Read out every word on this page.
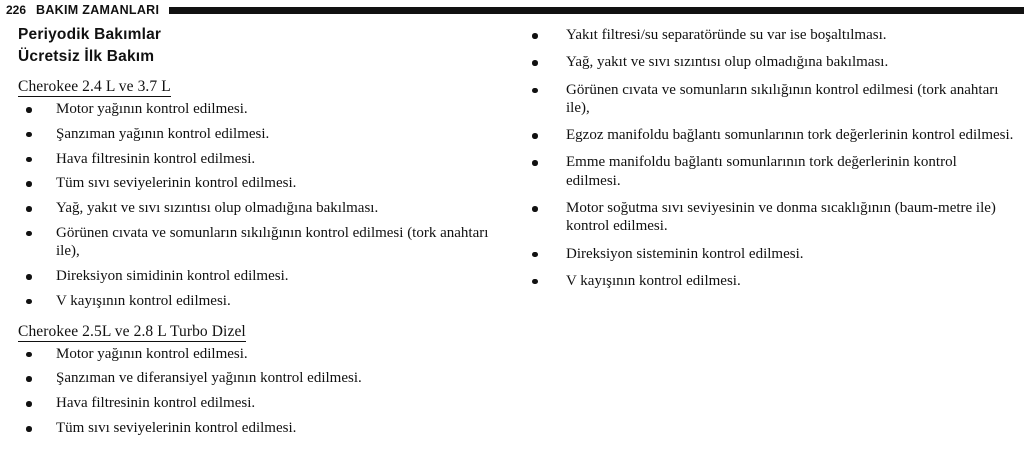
226 BAKIM ZAMANLARI
Periyodik Bakımlar
Ücretsiz İlk Bakım
Cherokee 2.4 L ve 3.7 L
Motor yağının kontrol edilmesi.
Şanzıman yağının kontrol edilmesi.
Hava filtresinin kontrol edilmesi.
Tüm sıvı seviyelerinin kontrol edilmesi.
Yağ, yakıt ve sıvı sızıntısı olup olmadığına bakılması.
Görünen cıvata ve somunların sıkılığının kontrol edilmesi (tork anahtarı ile),
Direksiyon simidinin kontrol edilmesi.
V kayışının kontrol edilmesi.
Cherokee 2.5L ve 2.8 L Turbo Dizel
Motor yağının kontrol edilmesi.
Şanzıman ve diferansiyel yağının kontrol edilmesi.
Hava filtresinin kontrol edilmesi.
Tüm sıvı seviyelerinin kontrol edilmesi.
Yakıt filtresi/su separatöründe su var ise boşaltılması.
Yağ, yakıt ve sıvı sızıntısı olup olmadığına bakılması.
Görünen cıvata ve somunların sıkılığının kontrol edilmesi (tork anahtarı ile),
Egzoz manifoldu bağlantı somunlarının tork değerlerinin kontrol edilmesi.
Emme manifoldu bağlantı somunlarının tork değerlerinin kontrol edilmesi.
Motor soğutma sıvı seviyesinin ve donma sıcaklığının (baum-metre ile) kontrol edilmesi.
Direksiyon sisteminin kontrol edilmesi.
V kayışının kontrol edilmesi.
